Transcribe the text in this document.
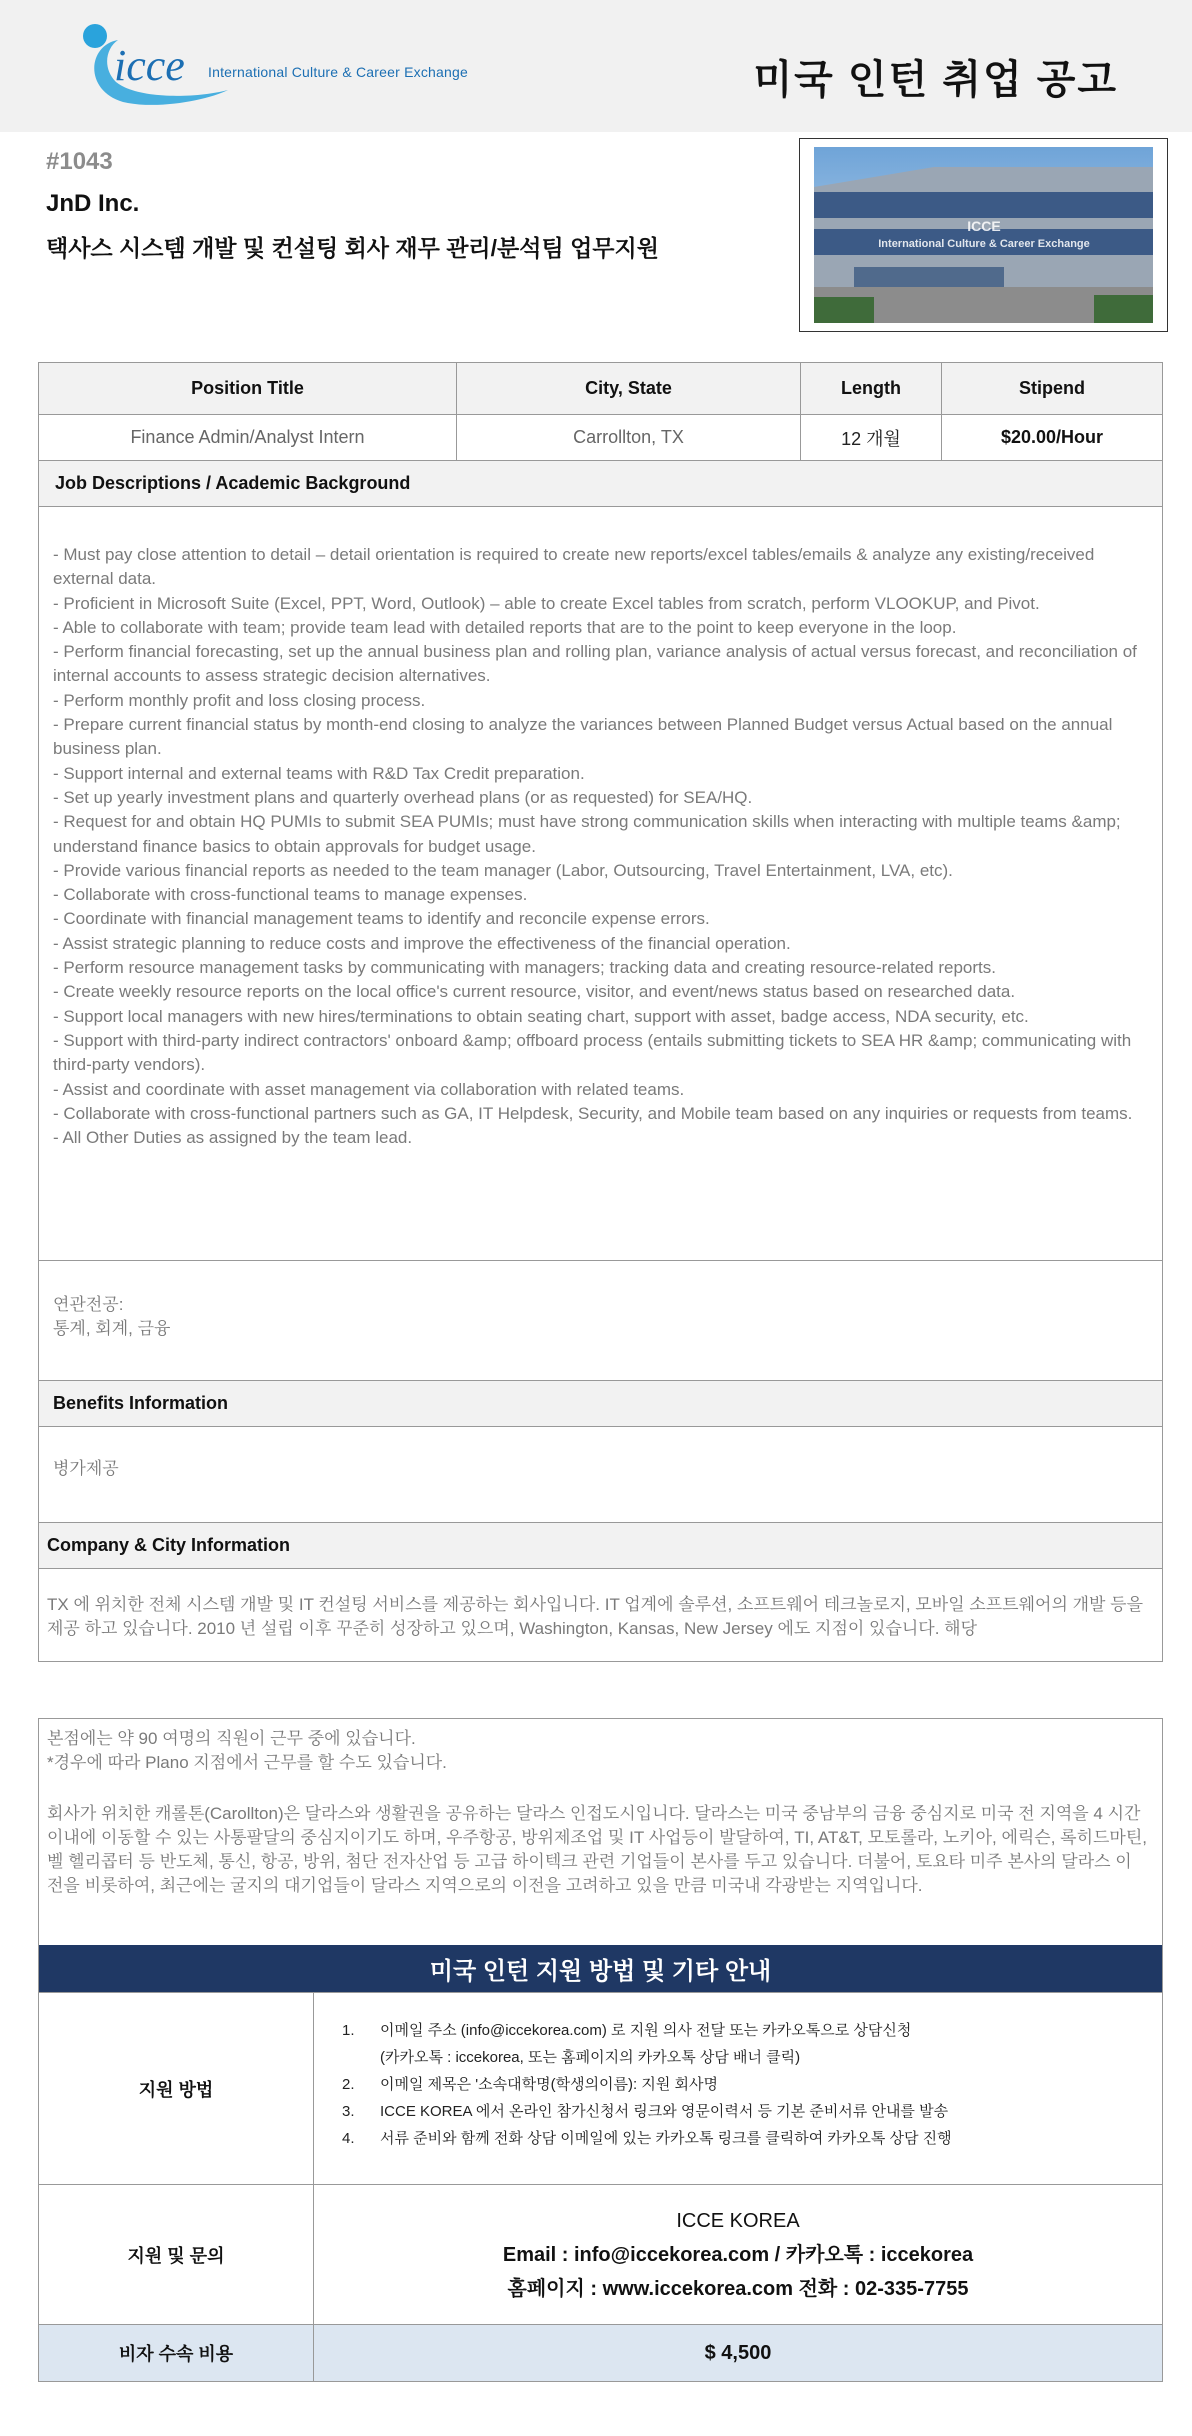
icce International Culture & Career Exchange	미국 인턴 취업 공고
#1043
JnD Inc.
택사스 시스템 개발 및 컨설팅 회사 재무 관리/분석팀 업무지원
ICCE
International Culture & Career Exchange
Position Title	City, State	Length	Stipend
Finance Admin/Analyst Intern	Carrollton, TX	12 개월	$20.00/Hour
Job Descriptions / Academic Background

- Must pay close attention to detail – detail orientation is required to create new reports/excel tables/emails & analyze any existing/received external data.

- Proficient in Microsoft Suite (Excel, PPT, Word, Outlook) – able to create Excel tables from scratch, perform VLOOKUP, and Pivot.

- Able to collaborate with team; provide team lead with detailed reports that are to the point to keep everyone in the loop.

- Perform financial forecasting, set up the annual business plan and rolling plan, variance analysis of actual versus forecast, and reconciliation of internal accounts to assess strategic decision alternatives.

- Perform monthly profit and loss closing process.

- Prepare current financial status by month-end closing to analyze the variances between Planned Budget versus Actual based on the annual business plan.

- Support internal and external teams with R&D Tax Credit preparation.

- Set up yearly investment plans and quarterly overhead plans (or as requested) for SEA/HQ.

- Request for and obtain HQ PUMIs to submit SEA PUMIs; must have strong communication skills when interacting with multiple teams &amp; understand finance basics to obtain approvals for budget usage.

- Provide various financial reports as needed to the team manager (Labor, Outsourcing, Travel Entertainment, LVA, etc).

- Collaborate with cross-functional teams to manage expenses.

- Coordinate with financial management teams to identify and reconcile expense errors.

- Assist strategic planning to reduce costs and improve the effectiveness of the financial operation.

- Perform resource management tasks by communicating with managers; tracking data and creating resource-related reports.

- Create weekly resource reports on the local office's current resource, visitor, and event/news status based on researched data.

- Support local managers with new hires/terminations to obtain seating chart, support with asset, badge access, NDA security, etc.

- Support with third-party indirect contractors' onboard &amp; offboard process (entails submitting tickets to SEA HR &amp; communicating with third-party vendors).

- Assist and coordinate with asset management via collaboration with related teams.

- Collaborate with cross-functional partners such as GA, IT Helpdesk, Security, and Mobile team based on any inquiries or requests from teams.

- All Other Duties as assigned by the team lead.

연관전공:

통계, 회계, 금융

Benefits Information

병가제공

Company & City Information

TX 에 위치한 전체 시스템 개발 및 IT 컨설팅 서비스를 제공하는 회사입니다. IT 업계에 솔루션, 소프트웨어 테크놀로지, 모바일 소프트웨어의 개발 등을 제공 하고 있습니다. 2010 년 설립 이후 꾸준히 성장하고 있으며, Washington, Kansas, New Jersey 에도 지점이 있습니다. 해당

본점에는 약 90 여명의 직원이 근무 중에 있습니다.

*경우에 따라 Plano 지점에서 근무를 할 수도 있습니다.

회사가 위치한 캐롤톤(Carollton)은 달라스와 생활권을 공유하는 달라스 인접도시입니다. 달라스는 미국 중남부의 금융 중심지로 미국 전 지역을 4 시간 이내에 이동할 수 있는 사통팔달의 중심지이기도 하며, 우주항공, 방위제조업 및 IT 사업등이 발달하여, TI, AT&T, 모토롤라, 노키아, 에릭슨, 록히드마틴, 벨 헬리콥터 등 반도체, 통신, 항공, 방위, 첨단 전자산업 등 고급 하이텍크 관련 기업들이 본사를 두고 있습니다. 더불어, 토요타 미주 본사의 달라스 이전을 비롯하여, 최근에는 굴지의 대기업들이 달라스 지역으로의 이전을 고려하고 있을 만큼 미국내 각광받는 지역입니다.

미국 인턴 지원 방법 및 기타 안내
지원 방법
1.	이메일 주소 (info@iccekorea.com) 로 지원 의사 전달 또는 카카오톡으로 상담신청
(카카오톡 : iccekorea, 또는 홈페이지의 카카오톡 상담 배너 클릭)
2.	이메일 제목은 '소속대학명(학생의이름): 지원 회사명
3.	ICCE KOREA 에서 온라인 참가신청서 링크와 영문이력서 등 기본 준비서류 안내를 발송
4.	서류 준비와 함께 전화 상담 이메일에 있는 카카오톡 링크를 클릭하여 카카오톡 상담 진행
지원 및 문의
ICCE KOREA
Email : info@iccekorea.com / 카카오톡 : iccekorea
홈페이지 : www.iccekorea.com 전화 : 02-335-7755
비자 수속 비용	$ 4,500
